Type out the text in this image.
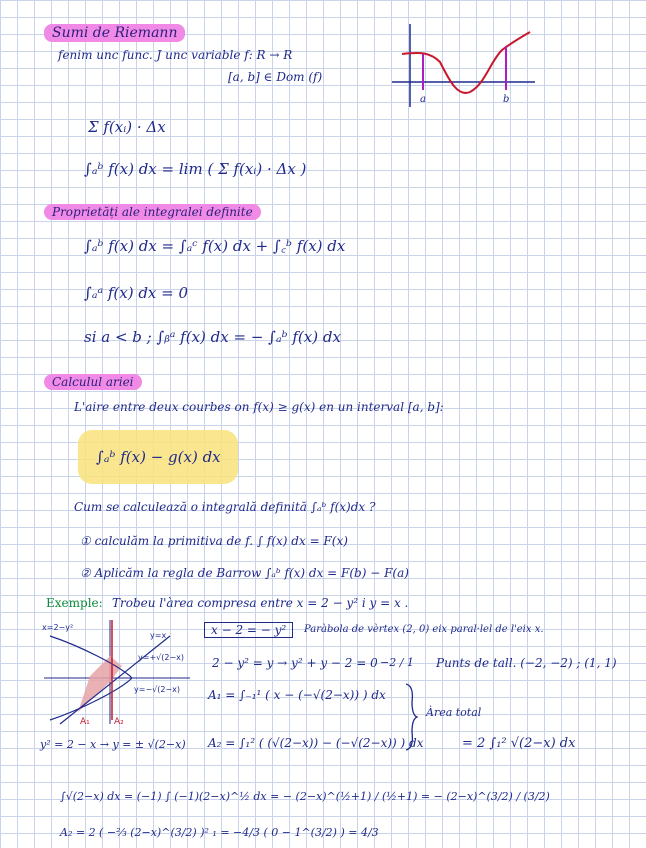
Sumi de Riemann
fenim unc func. J unc variable f: R → R
[a, b] ∈ Dom (f)
Σ f(xᵢ) · Δx
∫ₐᵇ f(x) dx = lim ( Σ f(xᵢ) · Δx )
a	b
Proprietăți ale integralei definite
∫ₐᵇ f(x) dx = ∫ₐᶜ f(x) dx + ∫꜀ᵇ f(x) dx
∫ₐᵃ f(x) dx = 0
si a < b ; ∫ᵦᵃ f(x) dx = − ∫ₐᵇ f(x) dx
Calculul ariei
L'aire entre deux courbes on f(x) ≥ g(x) en un interval [a, b]:
∫ₐᵇ f(x) − g(x) dx
Cum se calculează o integrală definită ∫ₐᵇ f(x)dx ?
① calculăm la primitiva de f. ∫ f(x) dx = F(x)
② Aplicăm la regla de Barrow ∫ₐᵇ f(x) dx = F(b) − F(a)
Exemple: Trobeu l'àrea compresa entre x = 2 − y² i y = x .
x=2−y²
y=x
y=+√(2−x)
y=−√(2−x)
A₁	A₂
x − 2 = − y²	Paràbola de vèrtex (2, 0) eix paral·lel de l'eix x.
2 − y² = y → y² + y − 2 = 0 −2 / 1 Punts de tall. (−2, −2) ; (1, 1)
A₁ = ∫₋₁¹ ( x − (−√(2−x)) ) dx
Àrea total
y² = 2 − x → y = ± √(2−x) A₂ = ∫₁² ( (√(2−x)) − (−√(2−x)) ) dx	= 2 ∫₁² √(2−x) dx
∫√(2−x) dx = (−1) ∫ (−1)(2−x)^½ dx = − (2−x)^(½+1) / (½+1) = − (2−x)^(3/2) / (3/2)
A₂ = 2 ( −⅔ (2−x)^(3/2) )² ₁ = −4/3 ( 0 − 1^(3/2) ) = 4/3
